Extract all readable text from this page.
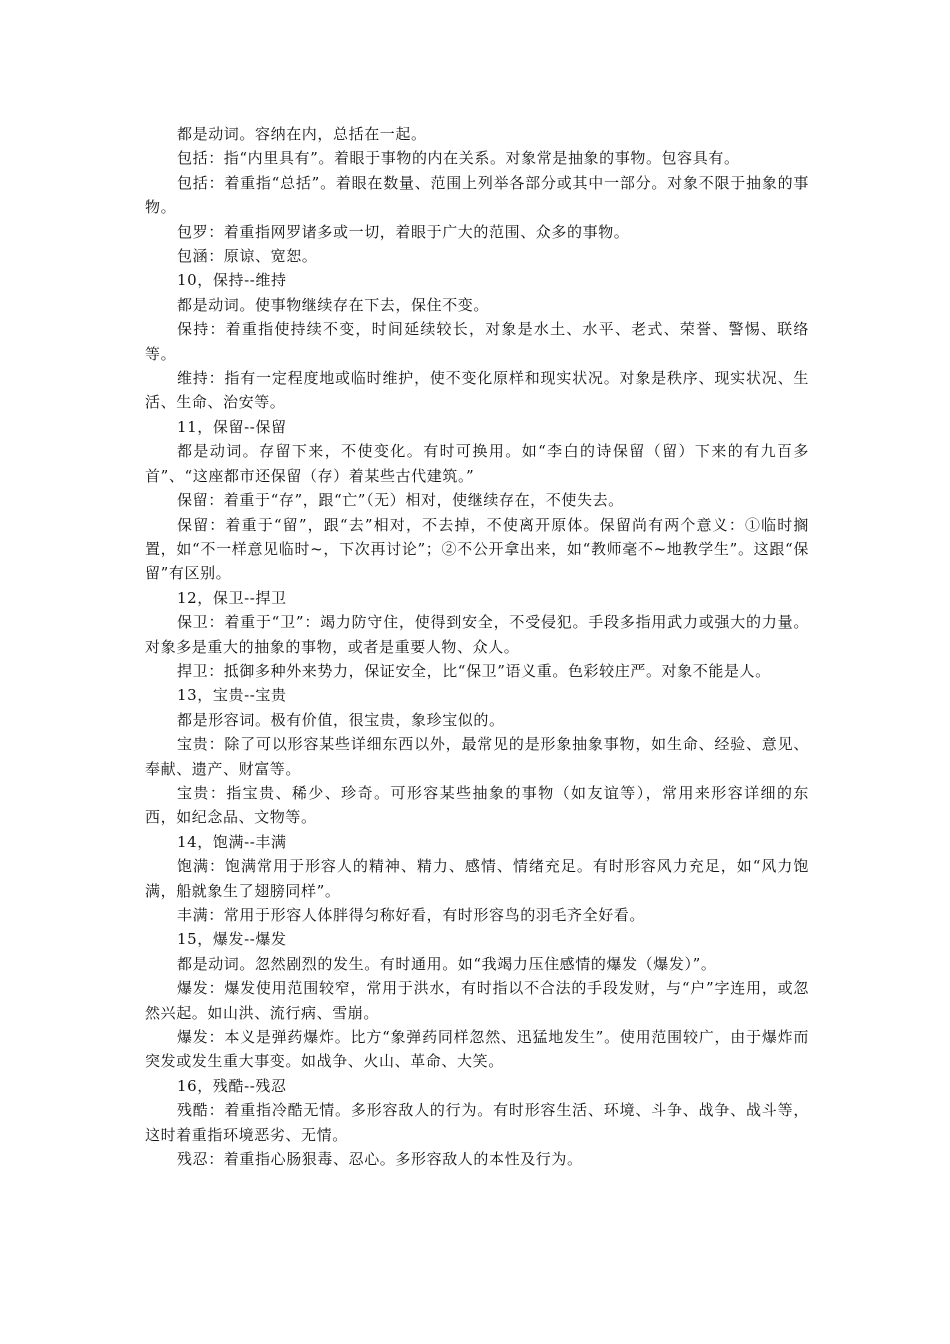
都是动词。容纳在内，总括在一起。

包括：指“内里具有”。着眼于事物的内在关系。对象常是抽象的事物。包容具有。

包括：着重指“总括”。着眼在数量、范围上列举各部分或其中一部分。对象不限于抽象的事物。

包罗：着重指网罗诸多或一切，着眼于广大的范围、众多的事物。

包涵：原谅、宽恕。

10，保持--维持

都是动词。使事物继续存在下去，保住不变。

保持：着重指使持续不变，时间延续较长，对象是水土、水平、老式、荣誉、警惕、联络等。

维持：指有一定程度地或临时维护，使不变化原样和现实状况。对象是秩序、现实状况、生活、生命、治安等。

11，保留--保留

都是动词。存留下来，不使变化。有时可换用。如“李白的诗保留（留）下来的有九百多首”、“这座都市还保留（存）着某些古代建筑。”

保留：着重于“存”，跟“亡”（无）相对，使继续存在，不使失去。

保留：着重于“留”，跟“去”相对，不去掉，不使离开原体。保留尚有两个意义：①临时搁置，如“不一样意见临时~，下次再讨论”；②不公开拿出来，如“教师毫不~地教学生”。这跟“保留”有区别。

12，保卫--捍卫

保卫：着重于“卫”：竭力防守住，使得到安全，不受侵犯。手段多指用武力或强大的力量。对象多是重大的抽象的事物，或者是重要人物、众人。

捍卫：抵御多种外来势力，保证安全，比“保卫”语义重。色彩较庄严。对象不能是人。

13，宝贵--宝贵

都是形容词。极有价值，很宝贵，象珍宝似的。

宝贵：除了可以形容某些详细东西以外，最常见的是形象抽象事物，如生命、经验、意见、奉献、遗产、财富等。

宝贵：指宝贵、稀少、珍奇。可形容某些抽象的事物（如友谊等），常用来形容详细的东西，如纪念品、文物等。

14，饱满--丰满

饱满：饱满常用于形容人的精神、精力、感情、情绪充足。有时形容风力充足，如“风力饱满，船就象生了翅膀同样”。

丰满：常用于形容人体胖得匀称好看，有时形容鸟的羽毛齐全好看。

15，爆发--爆发

都是动词。忽然剧烈的发生。有时通用。如“我竭力压住感情的爆发（爆发）”。

爆发：爆发使用范围较窄，常用于洪水，有时指以不合法的手段发财，与“户”字连用，或忽然兴起。如山洪、流行病、雪崩。

爆发：本义是弹药爆炸。比方“象弹药同样忽然、迅猛地发生”。使用范围较广，由于爆炸而突发或发生重大事变。如战争、火山、革命、大笑。

16，残酷--残忍

残酷：着重指冷酷无情。多形容敌人的行为。有时形容生活、环境、斗争、战争、战斗等，这时着重指环境恶劣、无情。

残忍：着重指心肠狠毒、忍心。多形容敌人的本性及行为。
